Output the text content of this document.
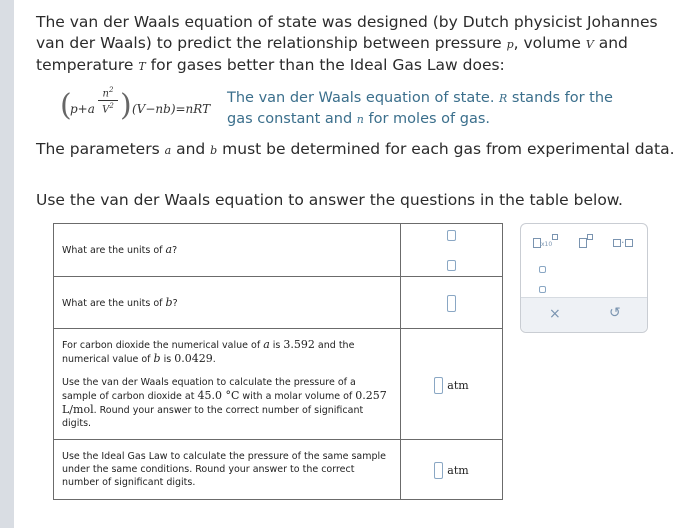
The van der Waals equation of state was designed (by Dutch physicist Johannes van der Waals) to predict the relationship between pressure p, volume V and temperature T for gases better than the Ideal Gas Law does:
(
p+a
$n^2$
$V^2$ ) (V−nb)=nRT
The van der Waals equation of state. R stands for the gas constant and n for moles of gas.
The parameters a and b must be determined for each gas from experimental data.
Use the van der Waals equation to answer the questions in the table below.
What are the units of a?	

What are the units of b?	

For carbon dioxide the numerical value of a is 3.592 and the numerical value of b is 0.0429.
Use the van der Waals equation to calculate the pressure of a sample of carbon dioxide at 45.0 °C with a molar volume of 0.257 L/mol. Round your answer to the correct number of significant digits.	atm
Use the Ideal Gas Law to calculate the pressure of the same sample under the same conditions. Round your answer to the correct number of significant digits.	atm
x10	·
×	↺
